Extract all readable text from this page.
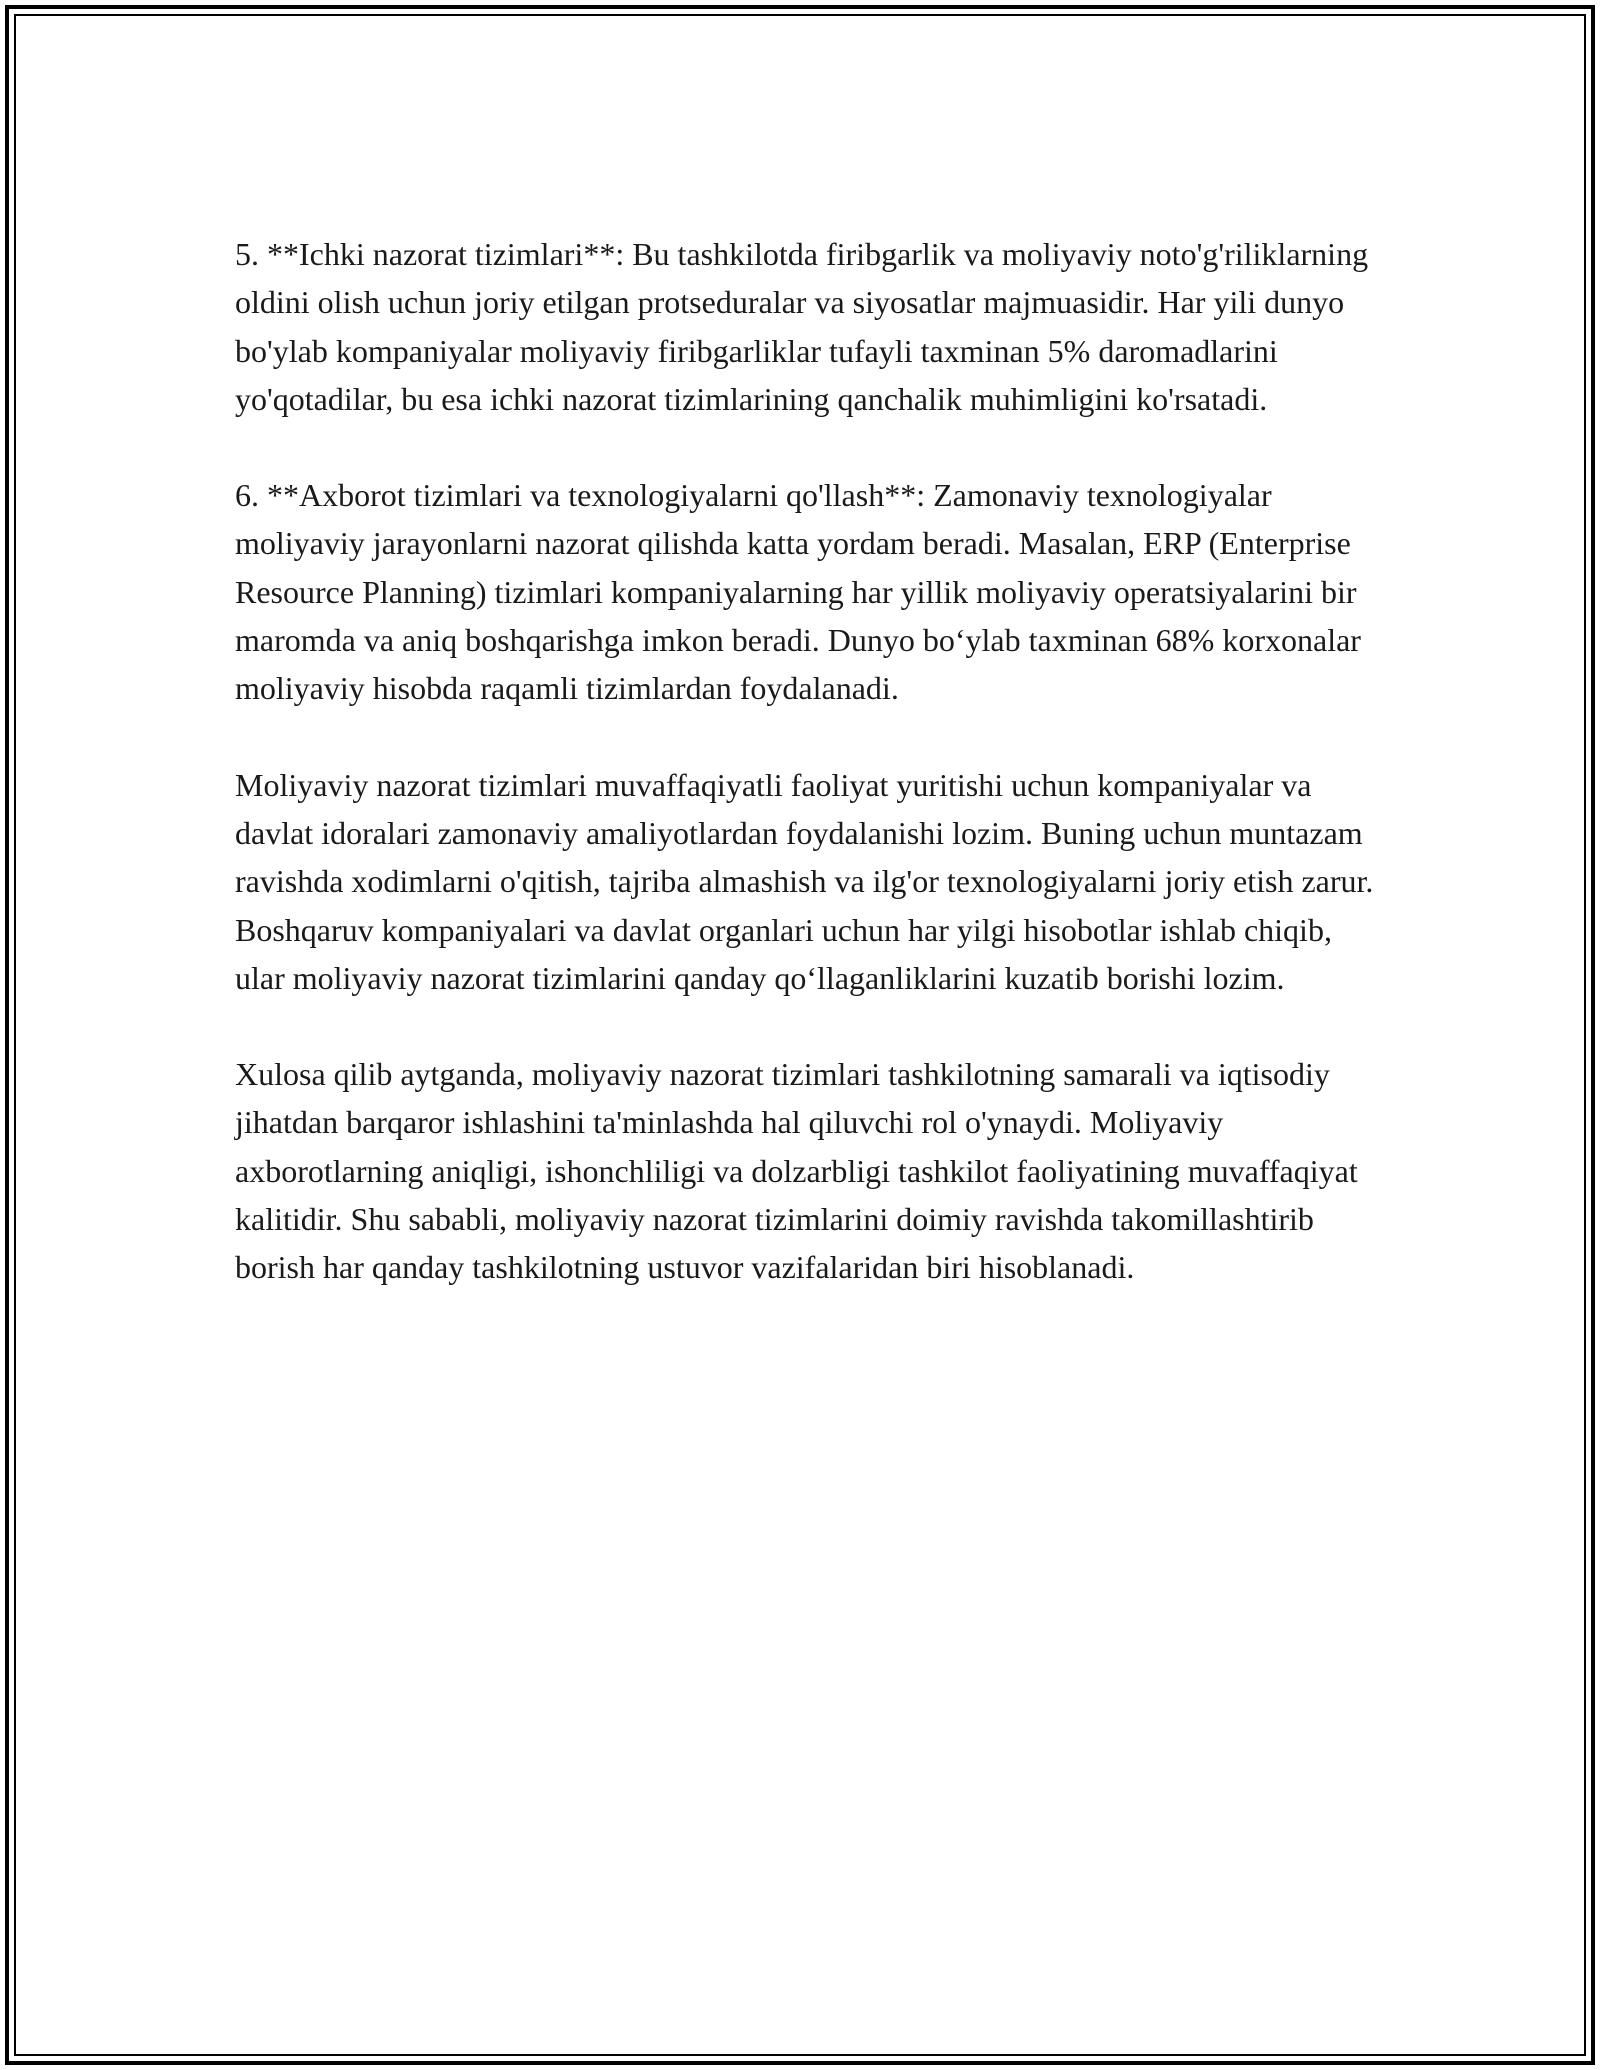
5. **Ichki nazorat tizimlari**: Bu tashkilotda firibgarlik va moliyaviy noto'g'riliklarning oldini olish uchun joriy etilgan protseduralar va siyosatlar majmuasidir. Har yili dunyo bo'ylab kompaniyalar moliyaviy firibgarliklar tufayli taxminan 5% daromadlarini yo'qotadilar, bu esa ichki nazorat tizimlarining qanchalik muhimligini ko'rsatadi.

6. **Axborot tizimlari va texnologiyalarni qo'llash**: Zamonaviy texnologiyalar moliyaviy jarayonlarni nazorat qilishda katta yordam beradi. Masalan, ERP (Enterprise Resource Planning) tizimlari kompaniyalarning har yillik moliyaviy operatsiyalarini bir maromda va aniq boshqarishga imkon beradi. Dunyo bo‘ylab taxminan 68% korxonalar moliyaviy hisobda raqamli tizimlardan foydalanadi.

Moliyaviy nazorat tizimlari muvaffaqiyatli faoliyat yuritishi uchun kompaniyalar va davlat idoralari zamonaviy amaliyotlardan foydalanishi lozim. Buning uchun muntazam ravishda xodimlarni o'qitish, tajriba almashish va ilg'or texnologiyalarni joriy etish zarur. Boshqaruv kompaniyalari va davlat organlari uchun har yilgi hisobotlar ishlab chiqib, ular moliyaviy nazorat tizimlarini qanday qo‘llaganliklarini kuzatib borishi lozim.

Xulosa qilib aytganda, moliyaviy nazorat tizimlari tashkilotning samarali va iqtisodiy jihatdan barqaror ishlashini ta'minlashda hal qiluvchi rol o'ynaydi. Moliyaviy axborotlarning aniqligi, ishonchliligi va dolzarbligi tashkilot faoliyatining muvaffaqiyat kalitidir. Shu sababli, moliyaviy nazorat tizimlarini doimiy ravishda takomillashtirib borish har qanday tashkilotning ustuvor vazifalaridan biri hisoblanadi.
